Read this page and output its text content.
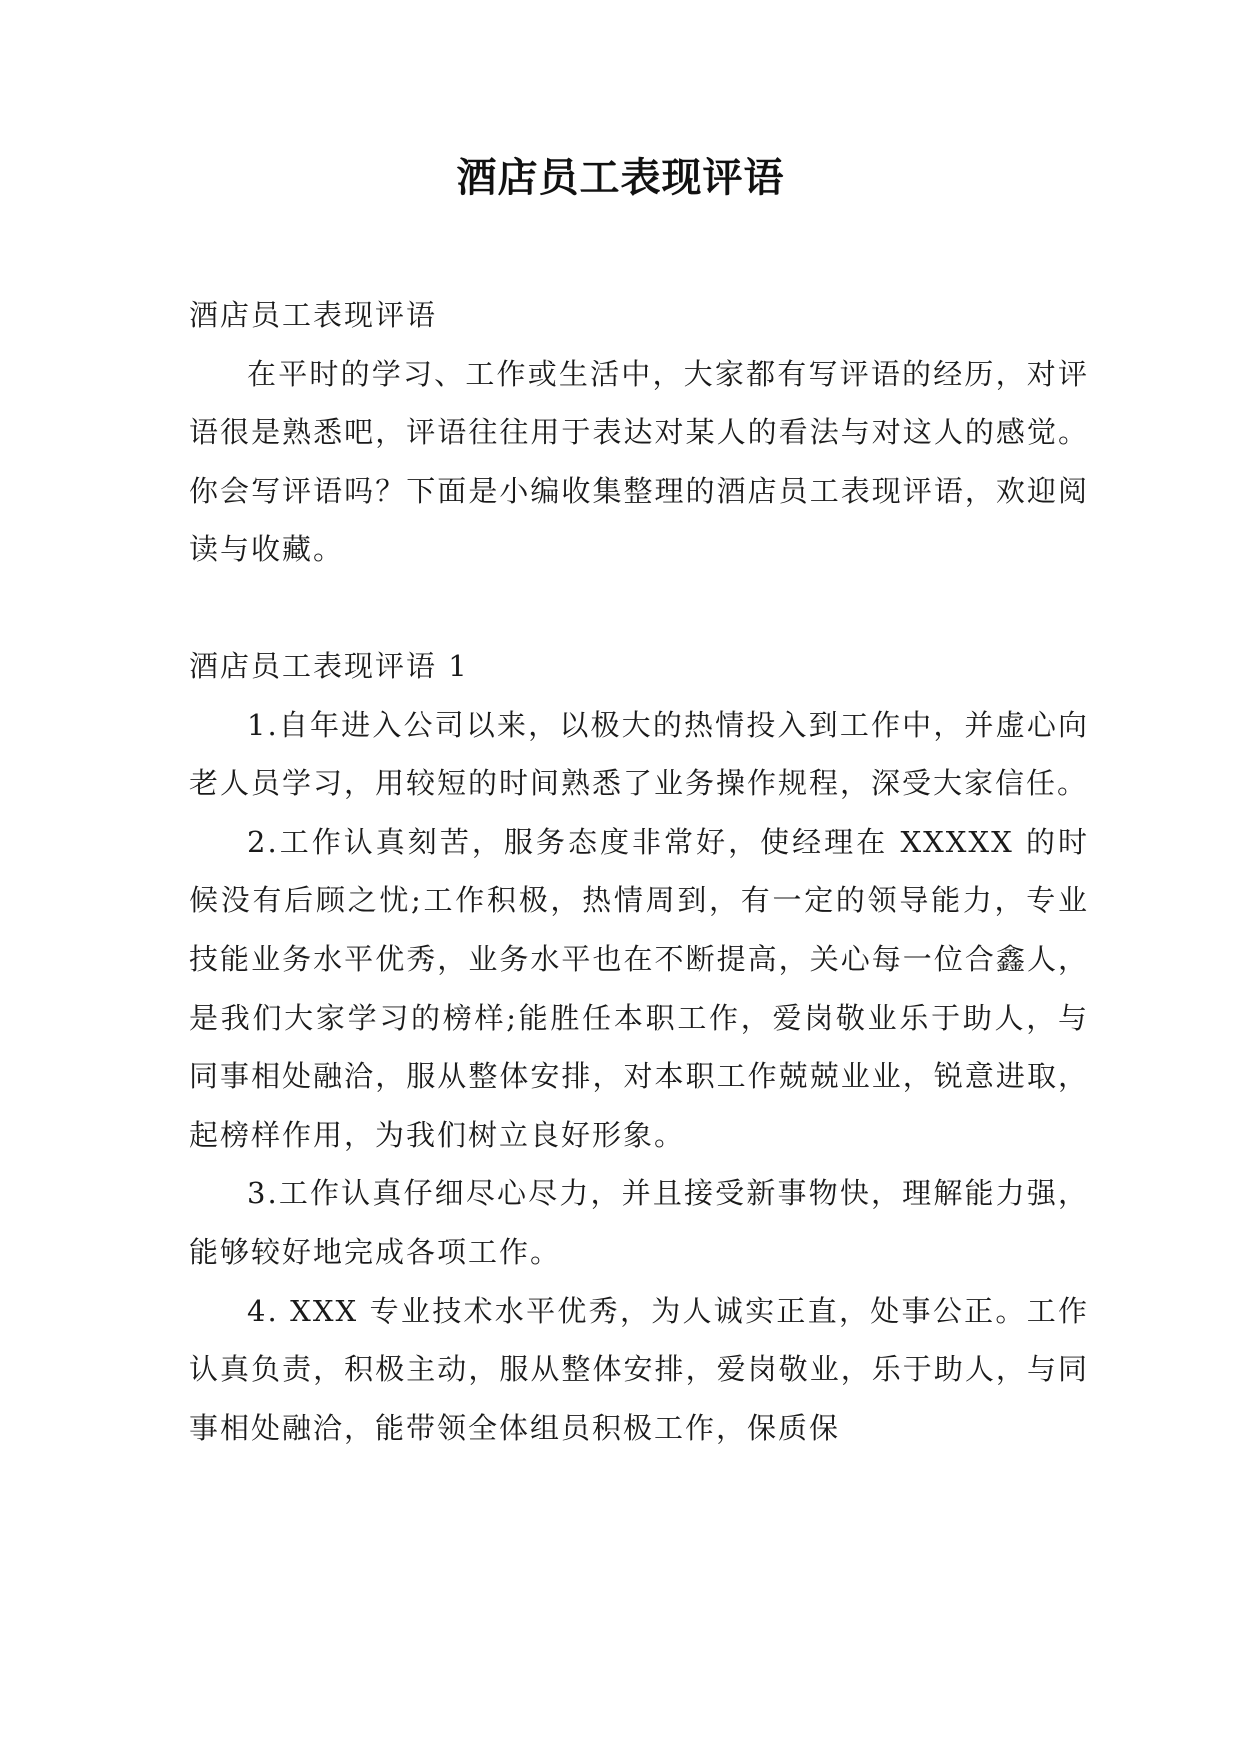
酒店员工表现评语

酒店员工表现评语

在平时的学习、工作或生活中，大家都有写评语的经历，对评语很是熟悉吧，评语往往用于表达对某人的看法与对这人的感觉。你会写评语吗？下面是小编收集整理的酒店员工表现评语，欢迎阅读与收藏。

酒店员工表现评语 1

1.自年进入公司以来，以极大的热情投入到工作中，并虚心向老人员学习，用较短的时间熟悉了业务操作规程，深受大家信任。

2.工作认真刻苦，服务态度非常好，使经理在 XXXXX 的时候没有后顾之忧;工作积极，热情周到，有一定的领导能力，专业技能业务水平优秀，业务水平也在不断提高，关心每一位合鑫人，是我们大家学习的榜样;能胜任本职工作，爱岗敬业乐于助人，与同事相处融洽，服从整体安排，对本职工作兢兢业业，锐意进取，起榜样作用，为我们树立良好形象。

3.工作认真仔细尽心尽力，并且接受新事物快，理解能力强，能够较好地完成各项工作。

4. XXX 专业技术水平优秀，为人诚实正直，处事公正。工作认真负责，积极主动，服从整体安排，爱岗敬业，乐于助人，与同事相处融洽，能带领全体组员积极工作，保质保
